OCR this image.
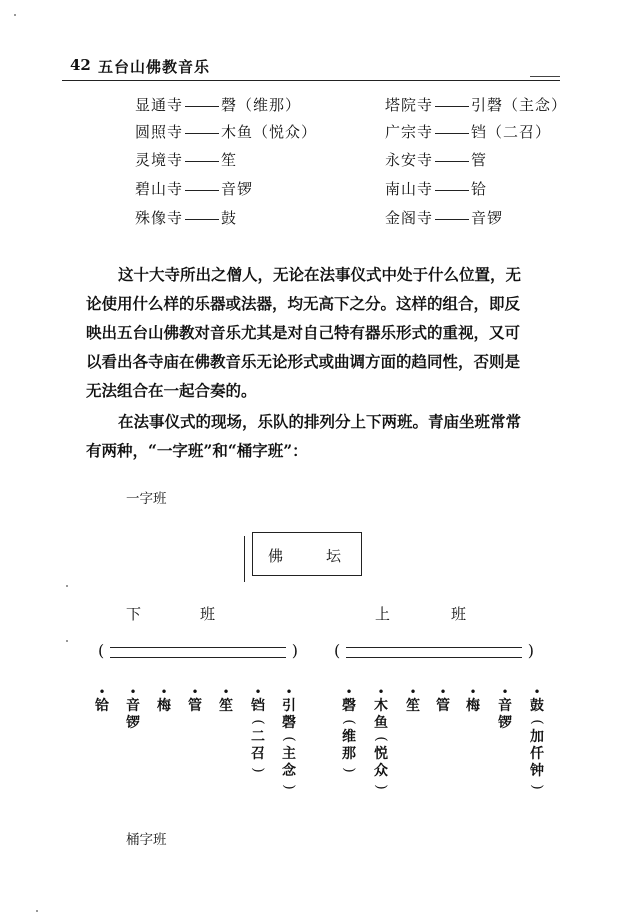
42 五台山佛教音乐
显通寺	磬（维那）
圆照寺	木鱼（悦众）
灵境寺	笙
碧山寺	音锣
殊像寺	鼓
塔院寺	引磬（主念）
广宗寺	铛（二召）
永安寺	管
南山寺	铪
金阁寺	音锣
这十大寺所出之僧人，无论在法事仪式中处于什么位置，无
论使用什么样的乐器或法器，均无高下之分。这样的组合，即反
映出五台山佛教对音乐尤其是对自己特有器乐形式的重视，又可
以看出各寺庙在佛教音乐无论形式或曲调方面的趋同性，否则是
无法组合在一起合奏的。
在法事仪式的现场，乐队的排列分上下两班。青庙坐班常常
有两种，“一字班”和“桶字班”：
一字班
佛	坛
下	班	上	班
(	) (	)
•
铪
•
音锣
•
梅
•
管
•
笙
•
铛
(
二召
)
•
引磬
(
主念
)
•
磬
(
维那
)
•
木鱼
(
悦众
)
•
笙
•
管
•
梅
•
音锣
•
鼓
(
加仟钟
)
桶字班
